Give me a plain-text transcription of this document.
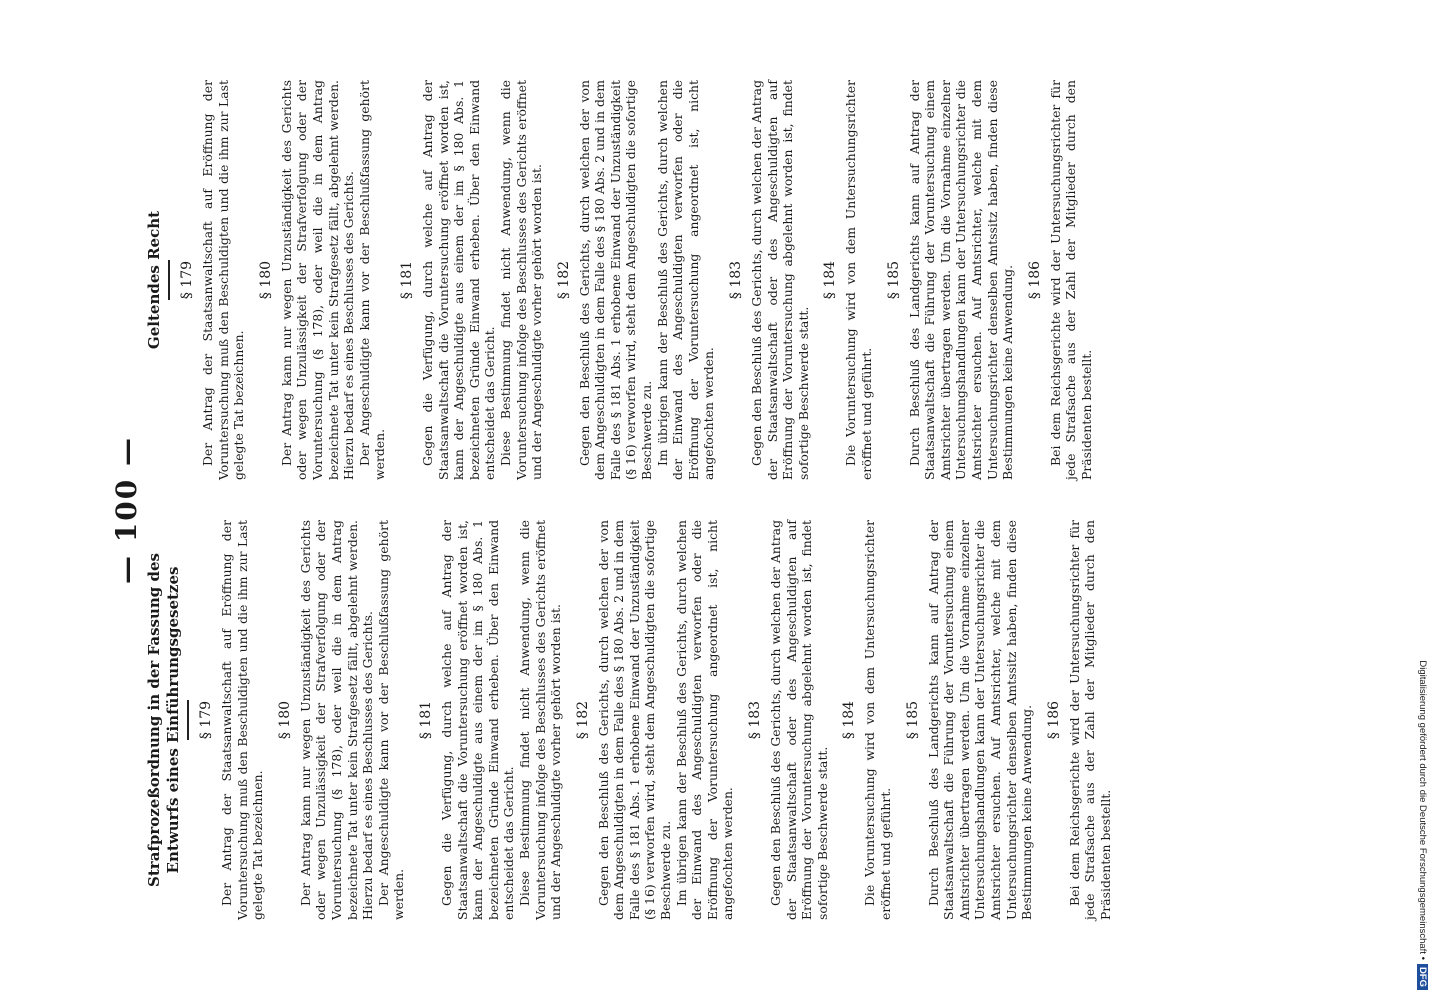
— 100 —
Strafprozeßordnung in der Fassung des Entwurfs eines Einführungsgesetzes § 179 Der Antrag der Staatsanwaltschaft auf Eröffnung der Voruntersuchung muß den Beschuldigten und die ihm zur Last gelegte Tat bezeichnen.

§ 180 Der Antrag kann nur wegen Unzuständigkeit des Gerichts oder wegen Unzulässigkeit der Strafverfolgung oder der Voruntersuchung (§ 178), oder weil die in dem Antrag bezeichnete Tat unter kein Strafgesetz fällt, abgelehnt werden. Hierzu bedarf es eines Beschlusses des Gerichts. Der Angeschuldigte kann vor der Beschlußfassung gehört werden.

§ 181 Gegen die Verfügung, durch welche auf Antrag der Staatsanwaltschaft die Voruntersuchung eröffnet worden ist, kann der Angeschuldigte aus einem der im § 180 Abs. 1 bezeichneten Gründe Einwand erheben. Über den Einwand entscheidet das Gericht. Diese Bestimmung findet nicht Anwendung, wenn die Voruntersuchung infolge des Beschlusses des Gerichts eröffnet und der Angeschuldigte vorher gehört worden ist. § 182 Gegen den Beschluß des Gerichts, durch welchen der von dem Angeschuldigten in dem Falle des § 180 Abs. 2 und in dem Falle des § 181 Abs. 1 erhobene Einwand der Unzuständigkeit (§ 16) verworfen wird, steht dem Angeschuldigten die sofortige Beschwerde zu. Im übrigen kann der Beschluß des Gerichts, durch welchen der Einwand des Angeschuldigten verworfen oder die Eröffnung der Voruntersuchung angeordnet ist, nicht angefochten werden.

§ 183 Gegen den Beschluß des Gerichts, durch welchen der Antrag der Staatsanwaltschaft oder des Angeschuldigten auf Eröffnung der Voruntersuchung abgelehnt worden ist, findet sofortige Beschwerde statt.

§ 184 Die Voruntersuchung wird von dem Untersuchungsrichter eröffnet und geführt.

§ 185 Durch Beschluß des Landgerichts kann auf Antrag der Staatsanwaltschaft die Führung der Voruntersuchung einem Amtsrichter übertragen werden. Um die Vornahme einzelner Untersuchungshandlungen kann der Untersuchungsrichter die Amtsrichter ersuchen. Auf Amtsrichter, welche mit dem Untersuchungsrichter denselben Amtssitz haben, finden diese Bestimmungen keine Anwendung. § 186 Bei dem Reichsgerichte wird der Untersuchungsrichter für jede Strafsache aus der Zahl der Mitglieder durch den Präsidenten bestellt.

Geltendes Recht § 179 Der Antrag der Staatsanwaltschaft auf Eröffnung der Voruntersuchung muß den Beschuldigten und die ihm zur Last gelegte Tat bezeichnen.

§ 180 Der Antrag kann nur wegen Unzuständigkeit des Gerichts oder wegen Unzulässigkeit der Strafverfolgung oder der Voruntersuchung (§ 178), oder weil die in dem Antrag bezeichnete Tat unter kein Strafgesetz fällt, abgelehnt werden. Hierzu bedarf es eines Beschlusses des Gerichts. Der Angeschuldigte kann vor der Beschlußfassung gehört werden.

§ 181 Gegen die Verfügung, durch welche auf Antrag der Staatsanwaltschaft die Voruntersuchung eröffnet worden ist, kann der Angeschuldigte aus einem der im § 180 Abs. 1 bezeichneten Gründe Einwand erheben. Über den Einwand entscheidet das Gericht. Diese Bestimmung findet nicht Anwendung, wenn die Voruntersuchung infolge des Beschlusses des Gerichts eröffnet und der Angeschuldigte vorher gehört worden ist. § 182 Gegen den Beschluß des Gerichts, durch welchen der von dem Angeschuldigten in dem Falle des § 180 Abs. 2 und in dem Falle des § 181 Abs. 1 erhobene Einwand der Unzuständigkeit (§ 16) verworfen wird, steht dem Angeschuldigten die sofortige Beschwerde zu. Im übrigen kann der Beschluß des Gerichts, durch welchen der Einwand des Angeschuldigten verworfen oder die Eröffnung der Voruntersuchung angeordnet ist, nicht angefochten werden.

§ 183 Gegen den Beschluß des Gerichts, durch welchen der Antrag der Staatsanwaltschaft oder des Angeschuldigten auf Eröffnung der Voruntersuchung abgelehnt worden ist, findet sofortige Beschwerde statt.

§ 184 Die Voruntersuchung wird von dem Untersuchungsrichter eröffnet und geführt.

§ 185 Durch Beschluß des Landgerichts kann auf Antrag der Staatsanwaltschaft die Führung der Voruntersuchung einem Amtsrichter übertragen werden. Um die Vornahme einzelner Untersuchungshandlungen kann der Untersuchungsrichter die Amtsrichter ersuchen. Auf Amtsrichter, welche mit dem Untersuchungsrichter denselben Amtssitz haben, finden diese Bestimmungen keine Anwendung. § 186 Bei dem Reichsgerichte wird der Untersuchungsrichter für jede Strafsache aus der Zahl der Mitglieder durch den Präsidenten bestellt.

Digitalisierung gefördert durch die Deutsche Forschungsgemeinschaft •DFG
